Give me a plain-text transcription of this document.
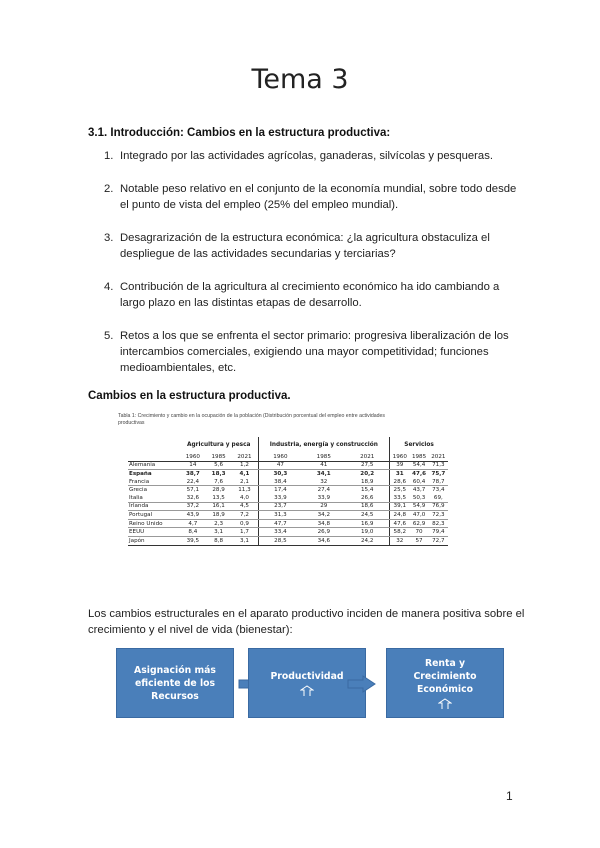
Tema 3
3.1. Introducción: Cambios en la estructura productiva:
1. Integrado por las actividades agrícolas, ganaderas, silvícolas y pesqueras.
2. Notable peso relativo en el conjunto de la economía mundial, sobre todo desde el punto de vista del empleo (25% del empleo mundial).
3. Desagrarización de la estructura económica: ¿la agricultura obstaculiza el despliegue de las actividades secundarias y terciarias?
4. Contribución de la agricultura al crecimiento económico ha ido cambiando a largo plazo en las distintas etapas de desarrollo.
5. Retos a los que se enfrenta el sector primario: progresiva liberalización de los intercambios comerciales, exigiendo una mayor competitividad; funciones medioambientales, etc.
Cambios en la estructura productiva.
Tabla 1: Crecimiento y cambio en la ocupación de la población (Distribución porcentual del empleo entre actividades productivas
	Agricultura y pesca			Industria, energía y construcción			Servicios		
	1960	1985	2021	1960	1985	2021	1960	1985	2021
Alemania	14	5,6	1,2	47	41	27,5	39	54,4	71,3
España	38,7	18,3	4,1	30,3	34,1	20,2	31	47,6	75,7
Francia	22,4	7,6	2,1	38,4	32	18,9	28,6	60,4	78,7
Grecia	57,1	28,9	11,3	17,4	27,4	15,4	25,5	43,7	73,4
Italia	32,6	13,5	4,0	33,9	33,9	26,6	33,5	50,3	69,
Irlanda	37,2	16,1	4,5	23,7	29	18,6	39,1	54,9	76,9
Portugal	43,9	18,9	7,2	31,3	34,2	24,5	24,8	47,0	72,3
Reino Unido	4,7	2,3	0,9	47,7	34,8	16,9	47,6	62,9	82,3
EEUU	8,4	3,1	1,7	33,4	26,9	19,0	58,2	70	79,4
Japón	39,5	8,8	3,1	28,5	34,6	24,2	32	57	72,7
Los cambios estructurales en el aparato productivo inciden de manera positiva sobre el crecimiento y el nivel de vida (bienestar):
Asignación más eficiente de los Recursos
Productividad
Renta y Crecimiento Económico
1
